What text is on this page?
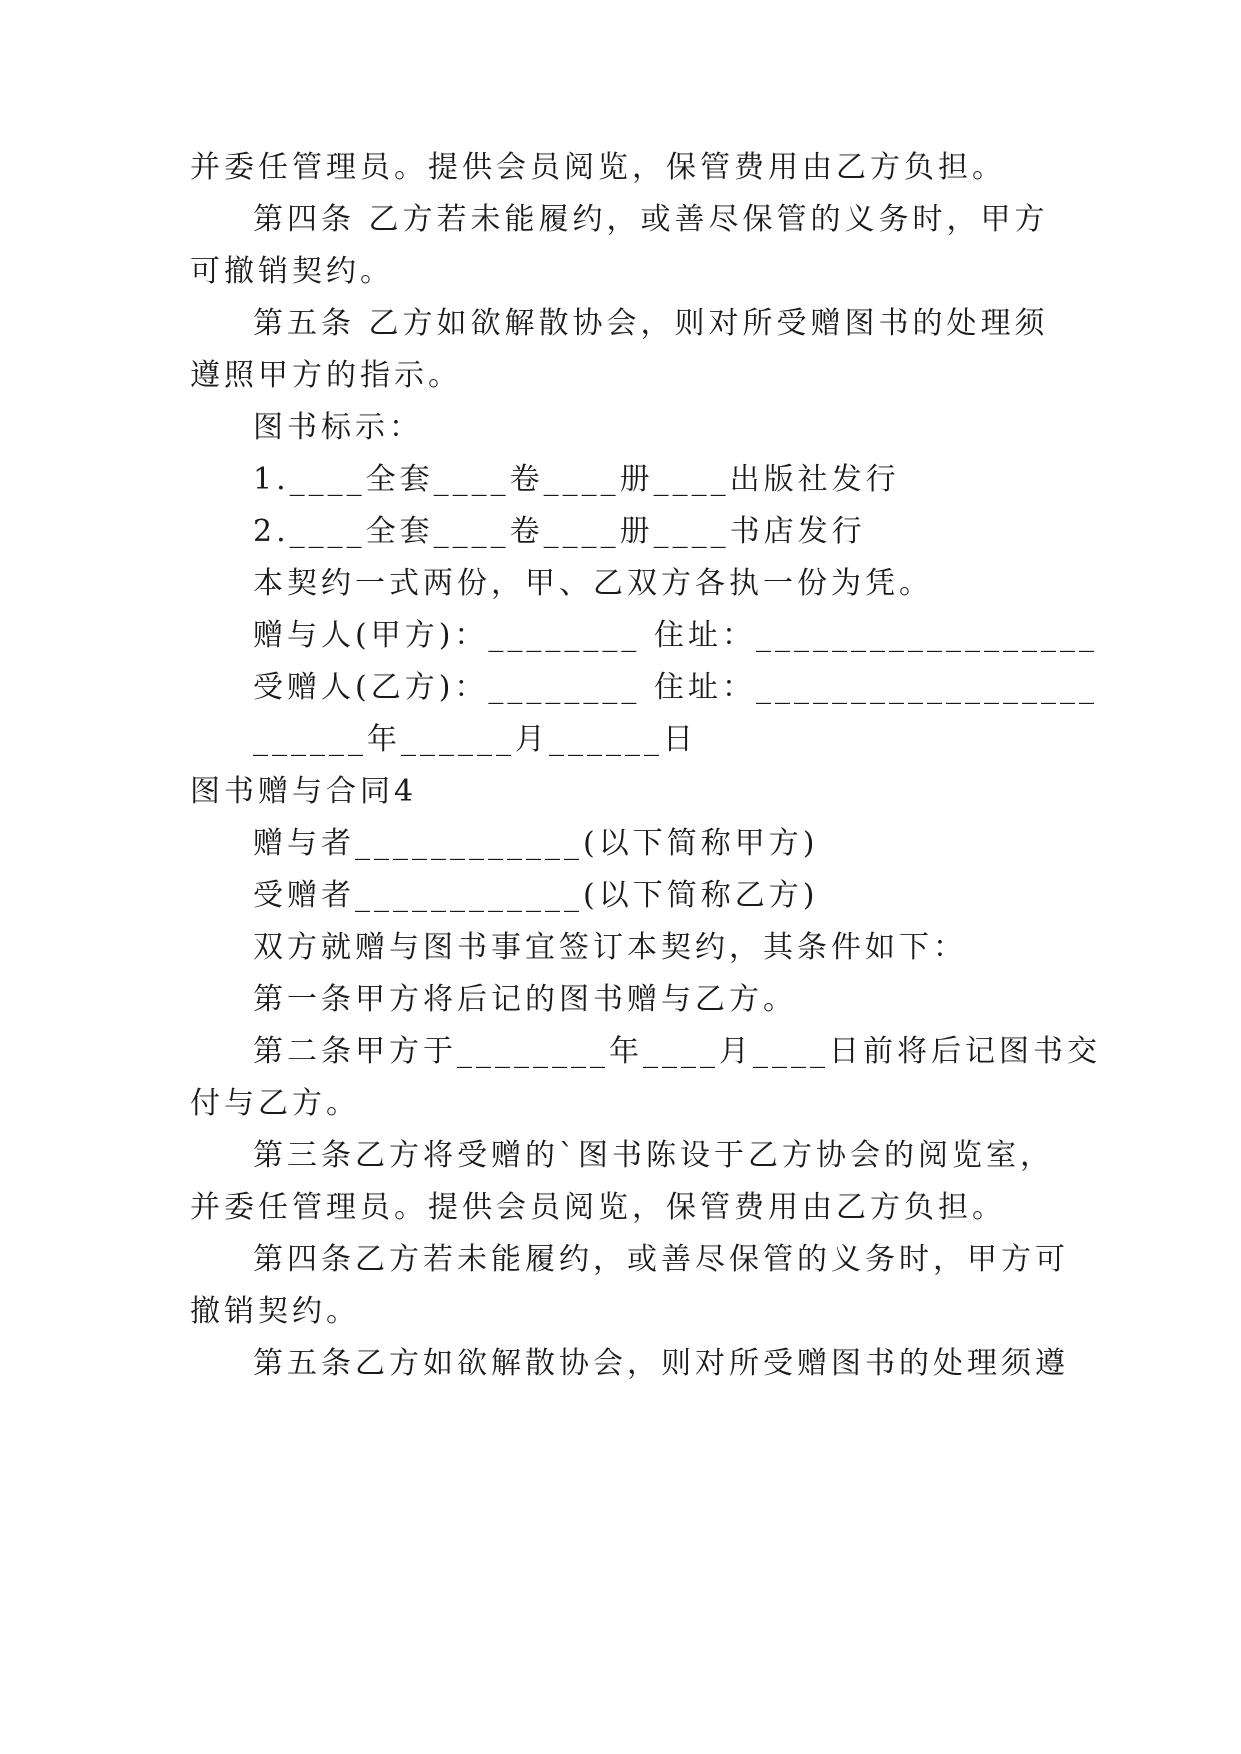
并委任管理员。提供会员阅览，保管费用由乙方负担。
第四条 乙方若未能履约，或善尽保管的义务时，甲方
可撤销契约。
第五条 乙方如欲解散协会，则对所受赠图书的处理须
遵照甲方的指示。
图书标示：
1.____全套____卷____册____出版社发行
2.____全套____卷____册____书店发行
本契约一式两份，甲、乙双方各执一份为凭。
赠与人(甲方)：________ 住址：__________________
受赠人(乙方)：________ 住址：__________________
______年______月______日
图书赠与合同4
赠与者____________(以下简称甲方)
受赠者____________(以下简称乙方)
双方就赠与图书事宜签订本契约，其条件如下：
第一条甲方将后记的图书赠与乙方。
第二条甲方于________年____月____日前将后记图书交
付与乙方。
第三条乙方将受赠的`图书陈设于乙方协会的阅览室，
并委任管理员。提供会员阅览，保管费用由乙方负担。
第四条乙方若未能履约，或善尽保管的义务时，甲方可
撤销契约。
第五条乙方如欲解散协会，则对所受赠图书的处理须遵
